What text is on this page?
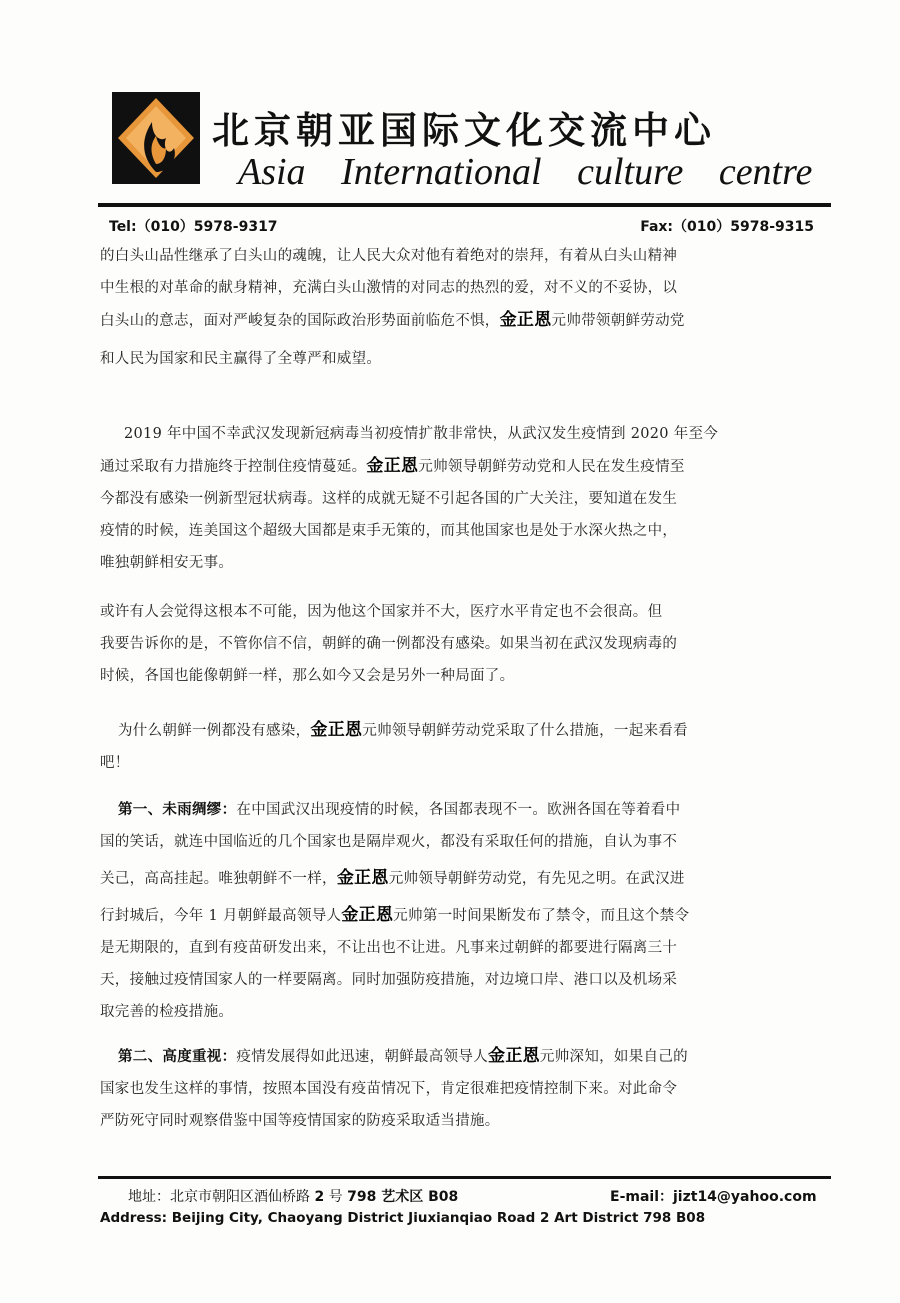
北京朝亚国际文化交流中心
Asia International culture centre
Tel:（010）5978-9317	Fax:（010）5978-9315
的白头山品性继承了白头山的魂魄，让人民大众对他有着绝对的崇拜，有着从白头山精神
中生根的对革命的献身精神，充满白头山激情的对同志的热烈的爱，对不义的不妥协，以
白头山的意志，面对严峻复杂的国际政治形势面前临危不惧，金正恩元帅带领朝鲜劳动党
和人民为国家和民主赢得了全尊严和威望。
2019 年中国不幸武汉发现新冠病毒当初疫情扩散非常快，从武汉发生疫情到 2020 年至今
通过采取有力措施终于控制住疫情蔓延。金正恩元帅领导朝鲜劳动党和人民在发生疫情至
今都没有感染一例新型冠状病毒。这样的成就无疑不引起各国的广大关注，要知道在发生
疫情的时候，连美国这个超级大国都是束手无策的，而其他国家也是处于水深火热之中，
唯独朝鲜相安无事。
或许有人会觉得这根本不可能，因为他这个国家并不大，医疗水平肯定也不会很高。但
我要告诉你的是，不管你信不信，朝鲜的确一例都没有感染。如果当初在武汉发现病毒的
时候，各国也能像朝鲜一样，那么如今又会是另外一种局面了。
为什么朝鲜一例都没有感染，金正恩元帅领导朝鲜劳动党采取了什么措施，一起来看看
吧！
第一、未雨绸缪：在中国武汉出现疫情的时候，各国都表现不一。欧洲各国在等着看中
国的笑话，就连中国临近的几个国家也是隔岸观火，都没有采取任何的措施，自认为事不
关己，高高挂起。唯独朝鲜不一样，金正恩元帅领导朝鲜劳动党，有先见之明。在武汉进
行封城后，今年 1 月朝鲜最高领导人金正恩元帅第一时间果断发布了禁令，而且这个禁令
是无期限的，直到有疫苗研发出来，不让出也不让进。凡事来过朝鲜的都要进行隔离三十
天，接触过疫情国家人的一样要隔离。同时加强防疫措施，对边境口岸、港口以及机场采
取完善的检疫措施。
第二、高度重视：疫情发展得如此迅速，朝鲜最高领导人金正恩元帅深知，如果自己的
国家也发生这样的事情，按照本国没有疫苗情况下，肯定很难把疫情控制下来。对此命令
严防死守同时观察借鉴中国等疫情国家的防疫采取适当措施。
地址：北京市朝阳区酒仙桥路 2 号 798 艺术区 B08	E-mail：jizt14@yahoo.com
Address: Beijing City, Chaoyang District Jiuxianqiao Road 2 Art District 798 B08
